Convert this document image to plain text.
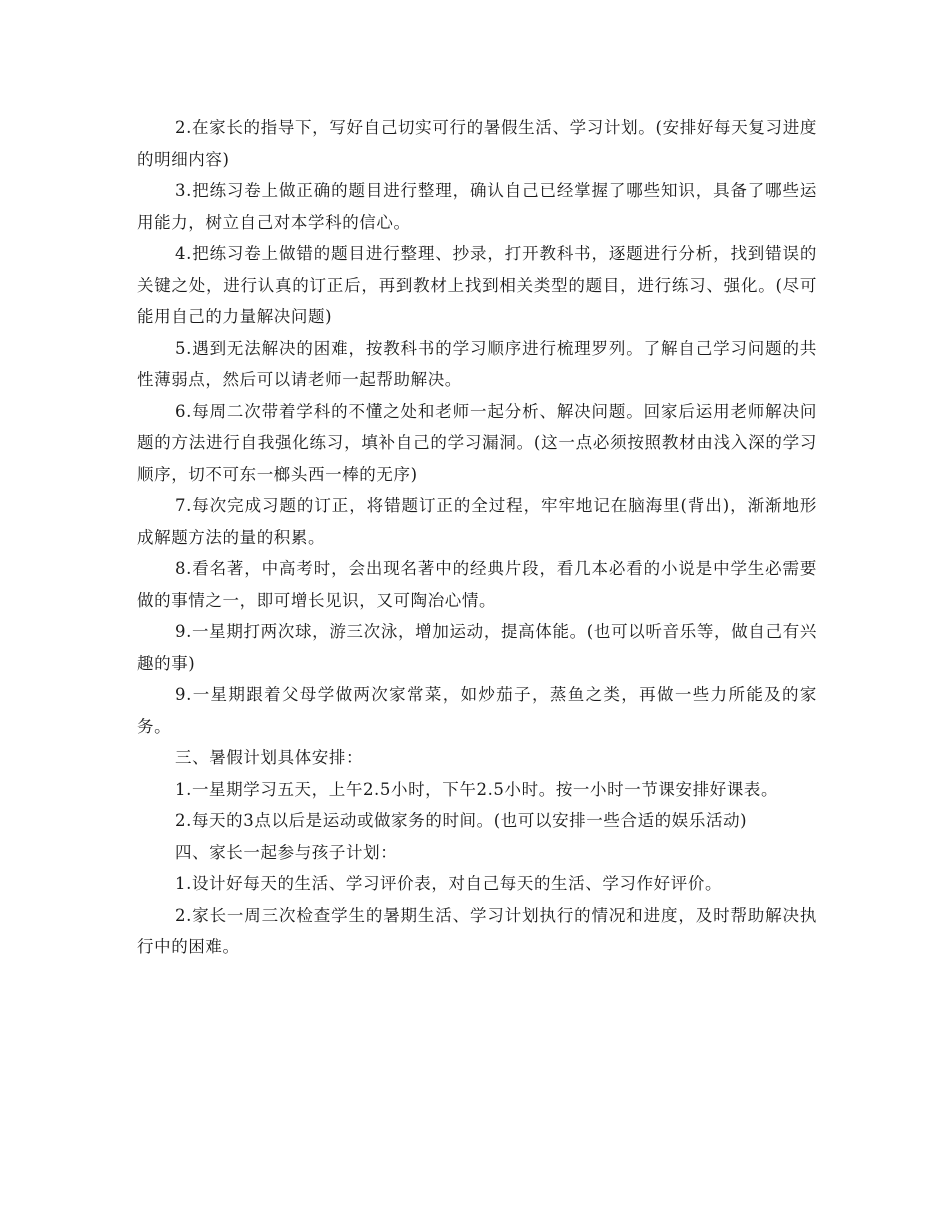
2.在家长的指导下，写好自己切实可行的暑假生活、学习计划。(安排好每天复习进度的明细内容)

3.把练习卷上做正确的题目进行整理，确认自己已经掌握了哪些知识，具备了哪些运用能力，树立自己对本学科的信心。

4.把练习卷上做错的题目进行整理、抄录，打开教科书，逐题进行分析，找到错误的关键之处，进行认真的订正后，再到教材上找到相关类型的题目，进行练习、强化。(尽可能用自己的力量解决问题)

5.遇到无法解决的困难，按教科书的学习顺序进行梳理罗列。了解自己学习问题的共性薄弱点，然后可以请老师一起帮助解决。

6.每周二次带着学科的不懂之处和老师一起分析、解决问题。回家后运用老师解决问题的方法进行自我强化练习，填补自己的学习漏洞。(这一点必须按照教材由浅入深的学习顺序，切不可东一榔头西一棒的无序)

7.每次完成习题的订正，将错题订正的全过程，牢牢地记在脑海里(背出)，渐渐地形成解题方法的量的积累。

8.看名著，中高考时，会出现名著中的经典片段，看几本必看的小说是中学生必需要做的事情之一，即可增长见识，又可陶冶心情。

9.一星期打两次球，游三次泳，增加运动，提高体能。(也可以听音乐等，做自己有兴趣的事)

9.一星期跟着父母学做两次家常菜，如炒茄子，蒸鱼之类，再做一些力所能及的家务。

三、暑假计划具体安排：

1.一星期学习五天，上午2.5小时，下午2.5小时。按一小时一节课安排好课表。

2.每天的3点以后是运动或做家务的时间。(也可以安排一些合适的娱乐活动)

四、家长一起参与孩子计划：

1.设计好每天的生活、学习评价表，对自己每天的生活、学习作好评价。

2.家长一周三次检查学生的暑期生活、学习计划执行的情况和进度，及时帮助解决执行中的困难。
